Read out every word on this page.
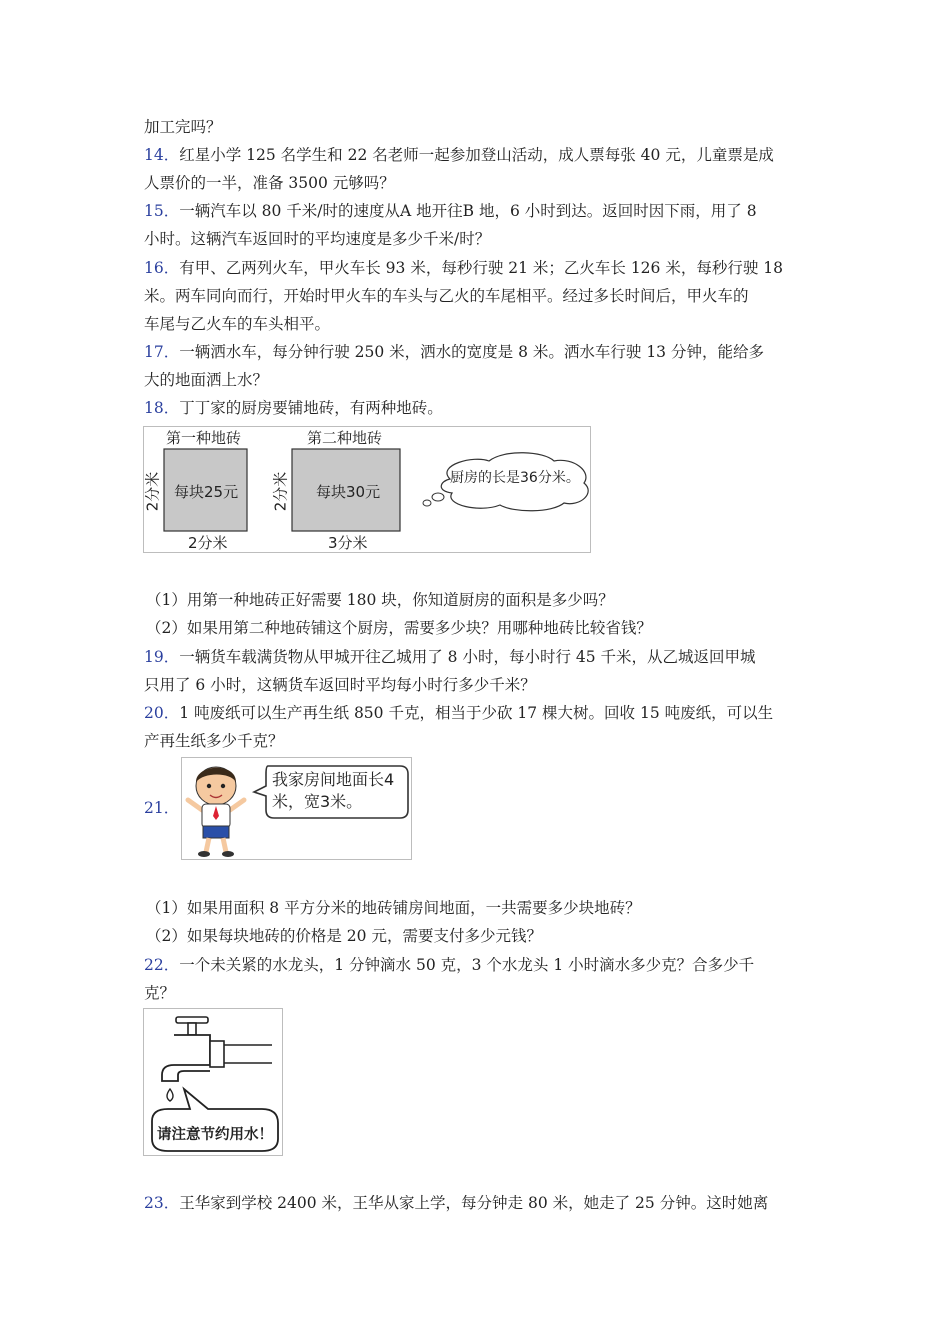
加工完吗？
14．红星小学 125 名学生和 22 名老师一起参加登山活动，成人票每张 40 元，儿童票是成
人票价的一半，准备 3500 元够吗？
15．一辆汽车以 80 千米/时的速度从A 地开往B 地，6 小时到达。返回时因下雨，用了 8
小时。这辆汽车返回时的平均速度是多少千米/时？
16．有甲、乙两列火车，甲火车长 93 米，每秒行驶 21 米；乙火车长 126 米，每秒行驶 18
米。两车同向而行，开始时甲火车的车头与乙火的车尾相平。经过多长时间后，甲火车的
车尾与乙火车的车头相平。
17．一辆洒水车，每分钟行驶 250 米，洒水的宽度是 8 米。洒水车行驶 13 分钟，能给多
大的地面洒上水？
18．丁丁家的厨房要铺地砖，有两种地砖。
第一种地砖
每块25元
2分米
2分米
第二种地砖
每块30元
2分米
3分米
厨房的长是36分米。
（1）用第一种地砖正好需要 180 块，你知道厨房的面积是多少吗？
（2）如果用第二种地砖铺这个厨房，需要多少块？用哪种地砖比较省钱？
19．一辆货车载满货物从甲城开往乙城用了 8 小时，每小时行 45 千米，从乙城返回甲城
只用了 6 小时，这辆货车返回时平均每小时行多少千米？
20．1 吨废纸可以生产再生纸 850 千克，相当于少砍 17 棵大树。回收 15 吨废纸，可以生
产再生纸多少千克？
21．
我家房间地面长4
米，宽3米。
（1）如果用面积 8 平方分米的地砖铺房间地面，一共需要多少块地砖？
（2）如果每块地砖的价格是 20 元，需要支付多少元钱？
22．一个未关紧的水龙头，1 分钟滴水 50 克，3 个水龙头 1 小时滴水多少克？合多少千
克？
请注意节约用水！
23．王华家到学校 2400 米，王华从家上学，每分钟走 80 米，她走了 25 分钟。这时她离
